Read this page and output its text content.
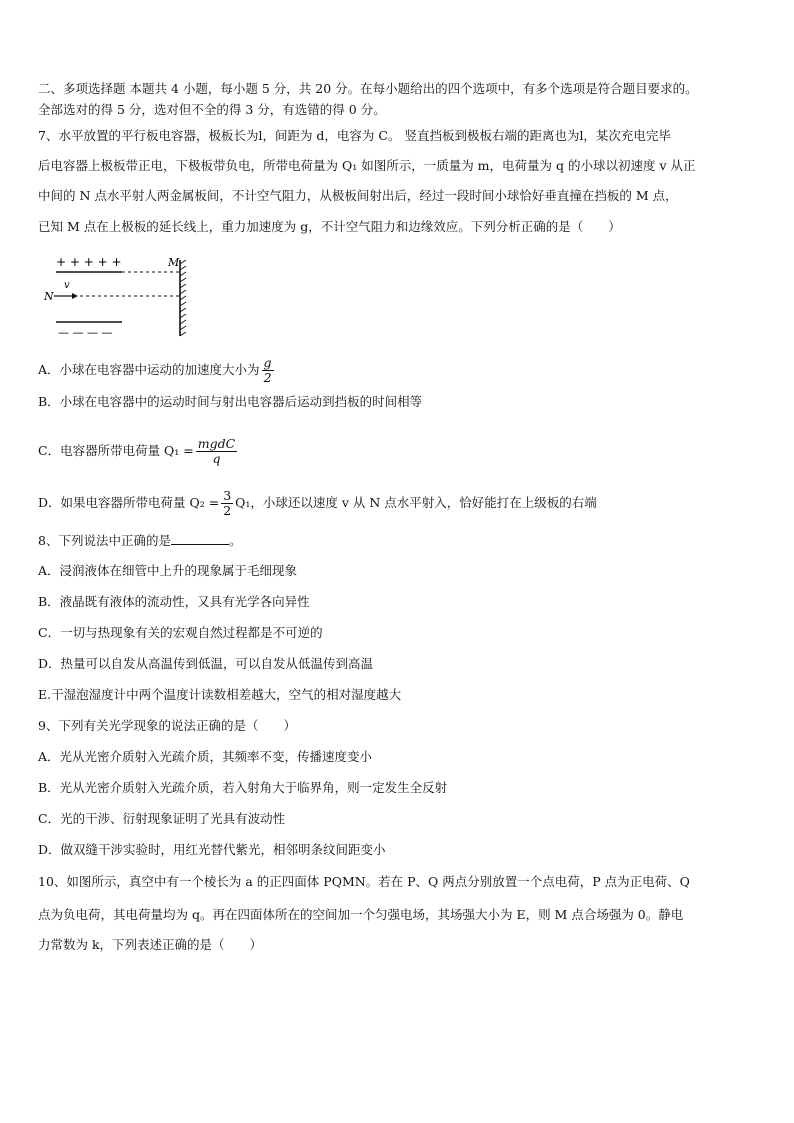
二、多项选择题 本题共 4 小题，每小题 5 分，共 20 分。在每小题给出的四个选项中，有多个选项是符合题目要求的。
全部选对的得 5 分，选对但不全的得 3 分，有选错的得 0 分。
7、水平放置的平行板电容器，极板长为l，间距为 d，电容为 C。 竖直挡板到极板右端的距离也为l，某次充电完毕
后电容器上极板带正电，下极板带负电，所带电荷量为 Q₁ 如图所示，一质量为 m，电荷量为 q 的小球以初速度 v 从正
中间的 N 点水平射人两金属板间，不计空气阻力，从极板间射出后，经过一段时间小球恰好垂直撞在挡板的 M 点，
已知 M 点在上极板的延长线上，重力加速度为 g，不计空气阻力和边缘效应。下列分析正确的是（　　）
+ + + + +
— — — —
N
v
M
A．小球在电容器中运动的加速度大小为 $\frac{g}{2}$
B．小球在电容器中的运动时间与射出电容器后运动到挡板的时间相等
C．电容器所带电荷量 $Q_1 = \frac{\text{mgdC}}{q}$
D．如果电容器所带电荷量 $Q_2 = \frac{3}{2} Q_1$，小球还以速度 v 从 N 点水平射入，恰好能打在上级板的右端
8、下列说法中正确的是	。
A．浸润液体在细管中上升的现象属于毛细现象
B．液晶既有液体的流动性，又具有光学各向异性
C．一切与热现象有关的宏观自然过程都是不可逆的
D．热量可以自发从高温传到低温，可以自发从低温传到高温
E.干湿泡湿度计中两个温度计读数相差越大，空气的相对湿度越大
9、下列有关光学现象的说法正确的是（　　）
A．光从光密介质射入光疏介质，其频率不变，传播速度变小
B．光从光密介质射入光疏介质，若入射角大于临界角，则一定发生全反射
C．光的干涉、衍射现象证明了光具有波动性
D．做双缝干涉实验时，用红光替代紫光，相邻明条纹间距变小
10、如图所示，真空中有一个棱长为 a 的正四面体 PQMN。若在 P、Q 两点分别放置一个点电荷，P 点为正电荷、Q
点为负电荷，其电荷量均为 q。再在四面体所在的空间加一个匀强电场，其场强大小为 E，则 M 点合场强为 0。静电
力常数为 k，下列表述正确的是（　　）
